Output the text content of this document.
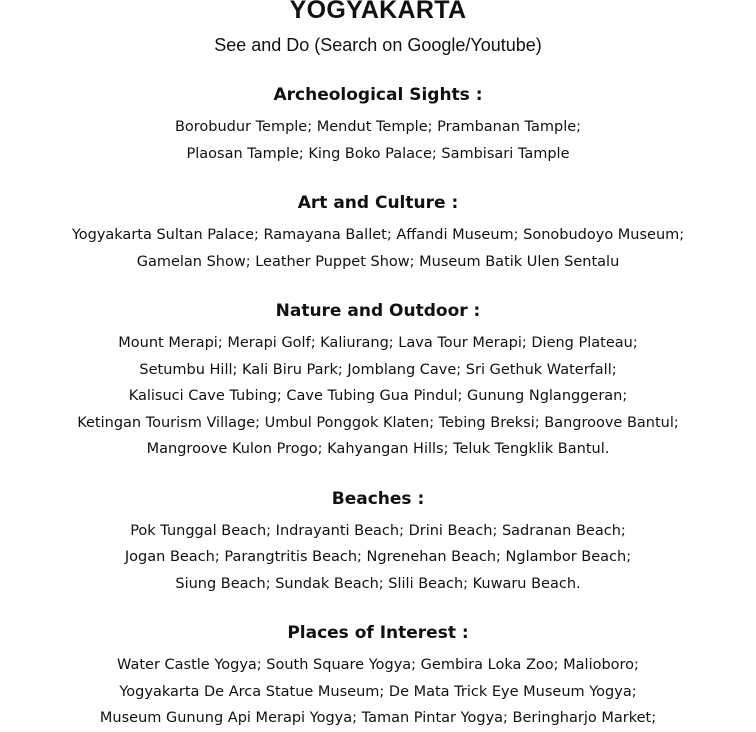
YOGYAKARTA

See and Do (Search on Google/Youtube)

Archeological Sights :

Borobudur Temple; Mendut Temple; Prambanan Tample;

Plaosan Tample; King Boko Palace; Sambisari Tample

Art and Culture :

Yogyakarta Sultan Palace; Ramayana Ballet; Affandi Museum; Sonobudoyo Museum;

Gamelan Show; Leather Puppet Show; Museum Batik Ulen Sentalu

Nature and Outdoor :

Mount Merapi; Merapi Golf; Kaliurang; Lava Tour Merapi; Dieng Plateau;

Setumbu Hill; Kali Biru Park; Jomblang Cave; Sri Gethuk Waterfall;

Kalisuci Cave Tubing; Cave Tubing Gua Pindul; Gunung Nglanggeran;

Ketingan Tourism Village; Umbul Ponggok Klaten; Tebing Breksi; Bangroove Bantul;

Mangroove Kulon Progo; Kahyangan Hills; Teluk Tengklik Bantul.

Beaches :

Pok Tunggal Beach; Indrayanti Beach; Drini Beach; Sadranan Beach;

Jogan Beach; Parangtritis Beach; Ngrenehan Beach; Nglambor Beach;

Siung Beach; Sundak Beach; Slili Beach; Kuwaru Beach.

Places of Interest :

Water Castle Yogya; South Square Yogya; Gembira Loka Zoo; Malioboro;

Yogyakarta De Arca Statue Museum; De Mata Trick Eye Museum Yogya;

Museum Gunung Api Merapi Yogya; Taman Pintar Yogya; Beringharjo Market;
